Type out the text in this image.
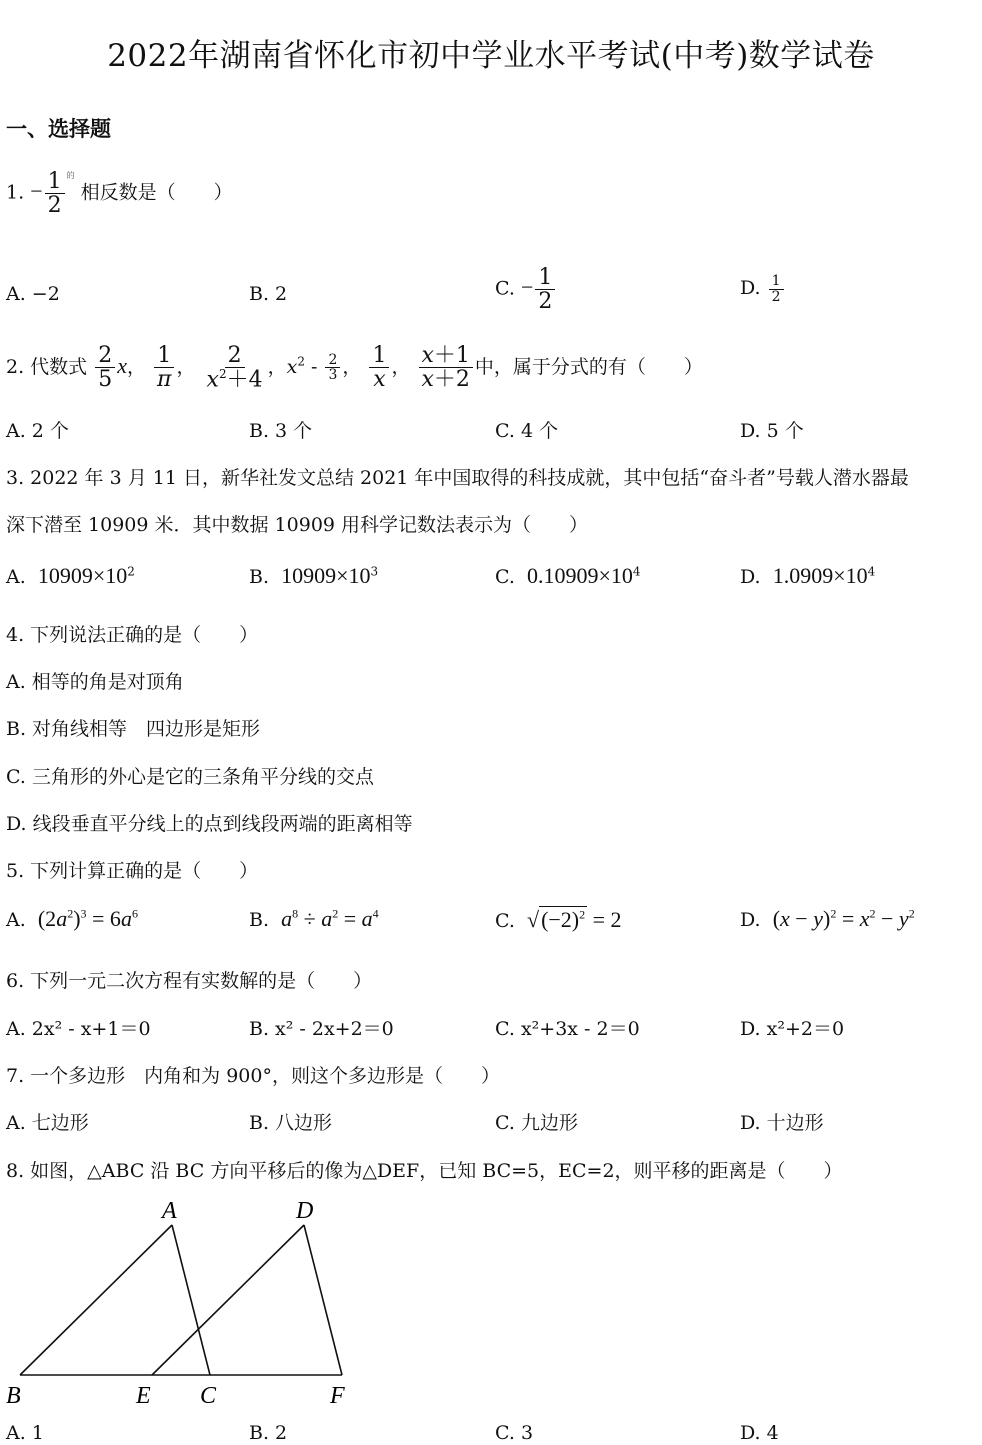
2022年湖南省怀化市初中学业水平考试(中考)数学试卷
一、选择题
1. − $\frac{1}{2} ^的$ 相反数是（　　）
A. −2	B. 2	C. − $\frac{1}{2}$	D. $\frac{1}{2}$
2. 代数式 $\frac{2}{5}$ x， $\frac{1}{\pi}$ ， $\frac{2}{x^2+4}$ ，$x^2 - \frac{2}{3}$ ， $\frac{1}{x}$ ， $\frac{x+1}{x+2}$ 中，属于分式的有（　　）
A. 2 个	B. 3 个	C. 4 个	D. 5 个
3. 2022 年 3 月 11 日，新华社发文总结 2021 年中国取得的科技成就，其中包括“奋斗者”号载人潜水器最
深下潜至 10909 米．其中数据 10909 用科学记数法表示为（　　）
A. $10909\times 10^2$	B. $10909\times 10^3$	C. $0.10909\times 10^4$	D. $1.0909\times 10^4$
4. 下列说法正确的是（　　）
A. 相等的角是对顶角
B. 对角线相等　四边形是矩形
C. 三角形的外心是它的三条角平分线的交点
D. 线段垂直平分线上的点到线段两端的距离相等
5. 下列计算正确的是（　　）
A. $(2a^2)^3 = 6a^6$	B. $a^8 \div a^2 = a^4$	C. $√(-2)^2 = 2$	D. $(x - y)^2 = x^2 - y^2$
6. 下列一元二次方程有实数解的是（　　）
A. 2x² - x+1＝0	B. x² - 2x+2＝0	C. x²+3x - 2＝0	D. x²+2＝0
7. 一个多边形　内角和为 900°，则这个多边形是（　　）
A. 七边形	B. 八边形	C. 九边形	D. 十边形
8. 如图，△ABC 沿 BC 方向平移后的像为△DEF，已知 BC=5，EC=2，则平移的距离是（　　）
A	D
B	E C	F
A. 1	B. 2	C. 3	D. 4
